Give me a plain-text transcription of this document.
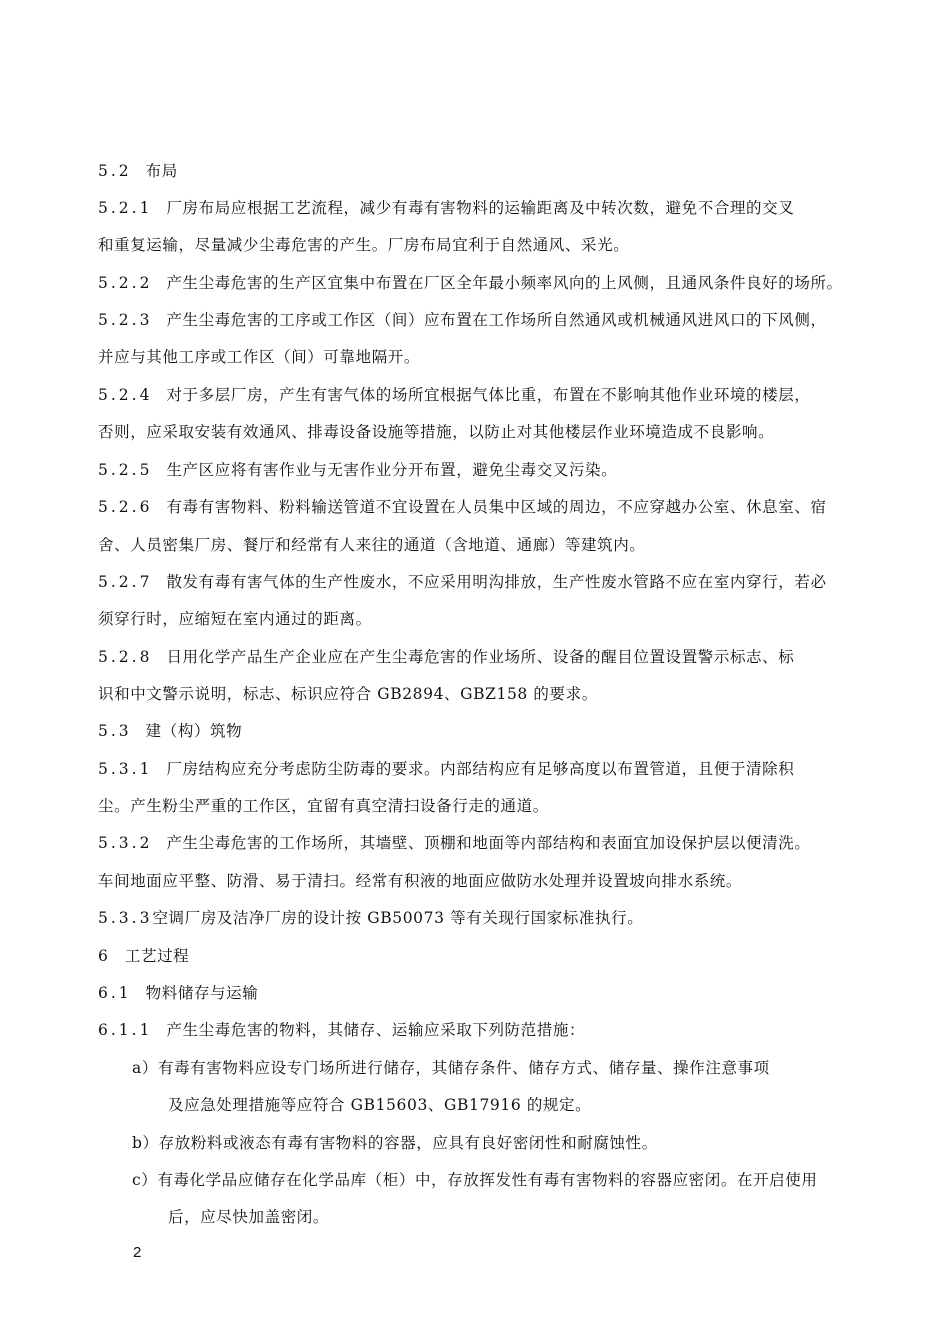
5.2 布局
5.2.1 厂房布局应根据工艺流程，减少有毒有害物料的运输距离及中转次数，避免不合理的交叉
和重复运输，尽量减少尘毒危害的产生。厂房布局宜利于自然通风、采光。
5.2.2 产生尘毒危害的生产区宜集中布置在厂区全年最小频率风向的上风侧，且通风条件良好的场所。
5.2.3 产生尘毒危害的工序或工作区（间）应布置在工作场所自然通风或机械通风进风口的下风侧，
并应与其他工序或工作区（间）可靠地隔开。
5.2.4 对于多层厂房，产生有害气体的场所宜根据气体比重，布置在不影响其他作业环境的楼层，
否则，应采取安装有效通风、排毒设备设施等措施，以防止对其他楼层作业环境造成不良影响。
5.2.5 生产区应将有害作业与无害作业分开布置，避免尘毒交叉污染。
5.2.6 有毒有害物料、粉料输送管道不宜设置在人员集中区域的周边，不应穿越办公室、休息室、宿
舍、人员密集厂房、餐厅和经常有人来往的通道（含地道、通廊）等建筑内。
5.2.7 散发有毒有害气体的生产性废水，不应采用明沟排放，生产性废水管路不应在室内穿行，若必
须穿行时，应缩短在室内通过的距离。
5.2.8 日用化学产品生产企业应在产生尘毒危害的作业场所、设备的醒目位置设置警示标志、标
识和中文警示说明，标志、标识应符合 GB2894、GBZ158 的要求。
5.3 建（构）筑物
5.3.1 厂房结构应充分考虑防尘防毒的要求。内部结构应有足够高度以布置管道，且便于清除积
尘。产生粉尘严重的工作区，宜留有真空清扫设备行走的通道。
5.3.2 产生尘毒危害的工作场所，其墙壁、顶棚和地面等内部结构和表面宜加设保护层以便清洗。
车间地面应平整、防滑、易于清扫。经常有积液的地面应做防水处理并设置坡向排水系统。
5.3.3空调厂房及洁净厂房的设计按 GB50073 等有关现行国家标准执行。
6 工艺过程
6.1 物料储存与运输
6.1.1 产生尘毒危害的物料，其储存、运输应采取下列防范措施：
a）有毒有害物料应设专门场所进行储存，其储存条件、储存方式、储存量、操作注意事项
及应急处理措施等应符合 GB15603、GB17916 的规定。
b）存放粉料或液态有毒有害物料的容器，应具有良好密闭性和耐腐蚀性。
c）有毒化学品应储存在化学品库（柜）中，存放挥发性有毒有害物料的容器应密闭。在开启使用
后，应尽快加盖密闭。
2
